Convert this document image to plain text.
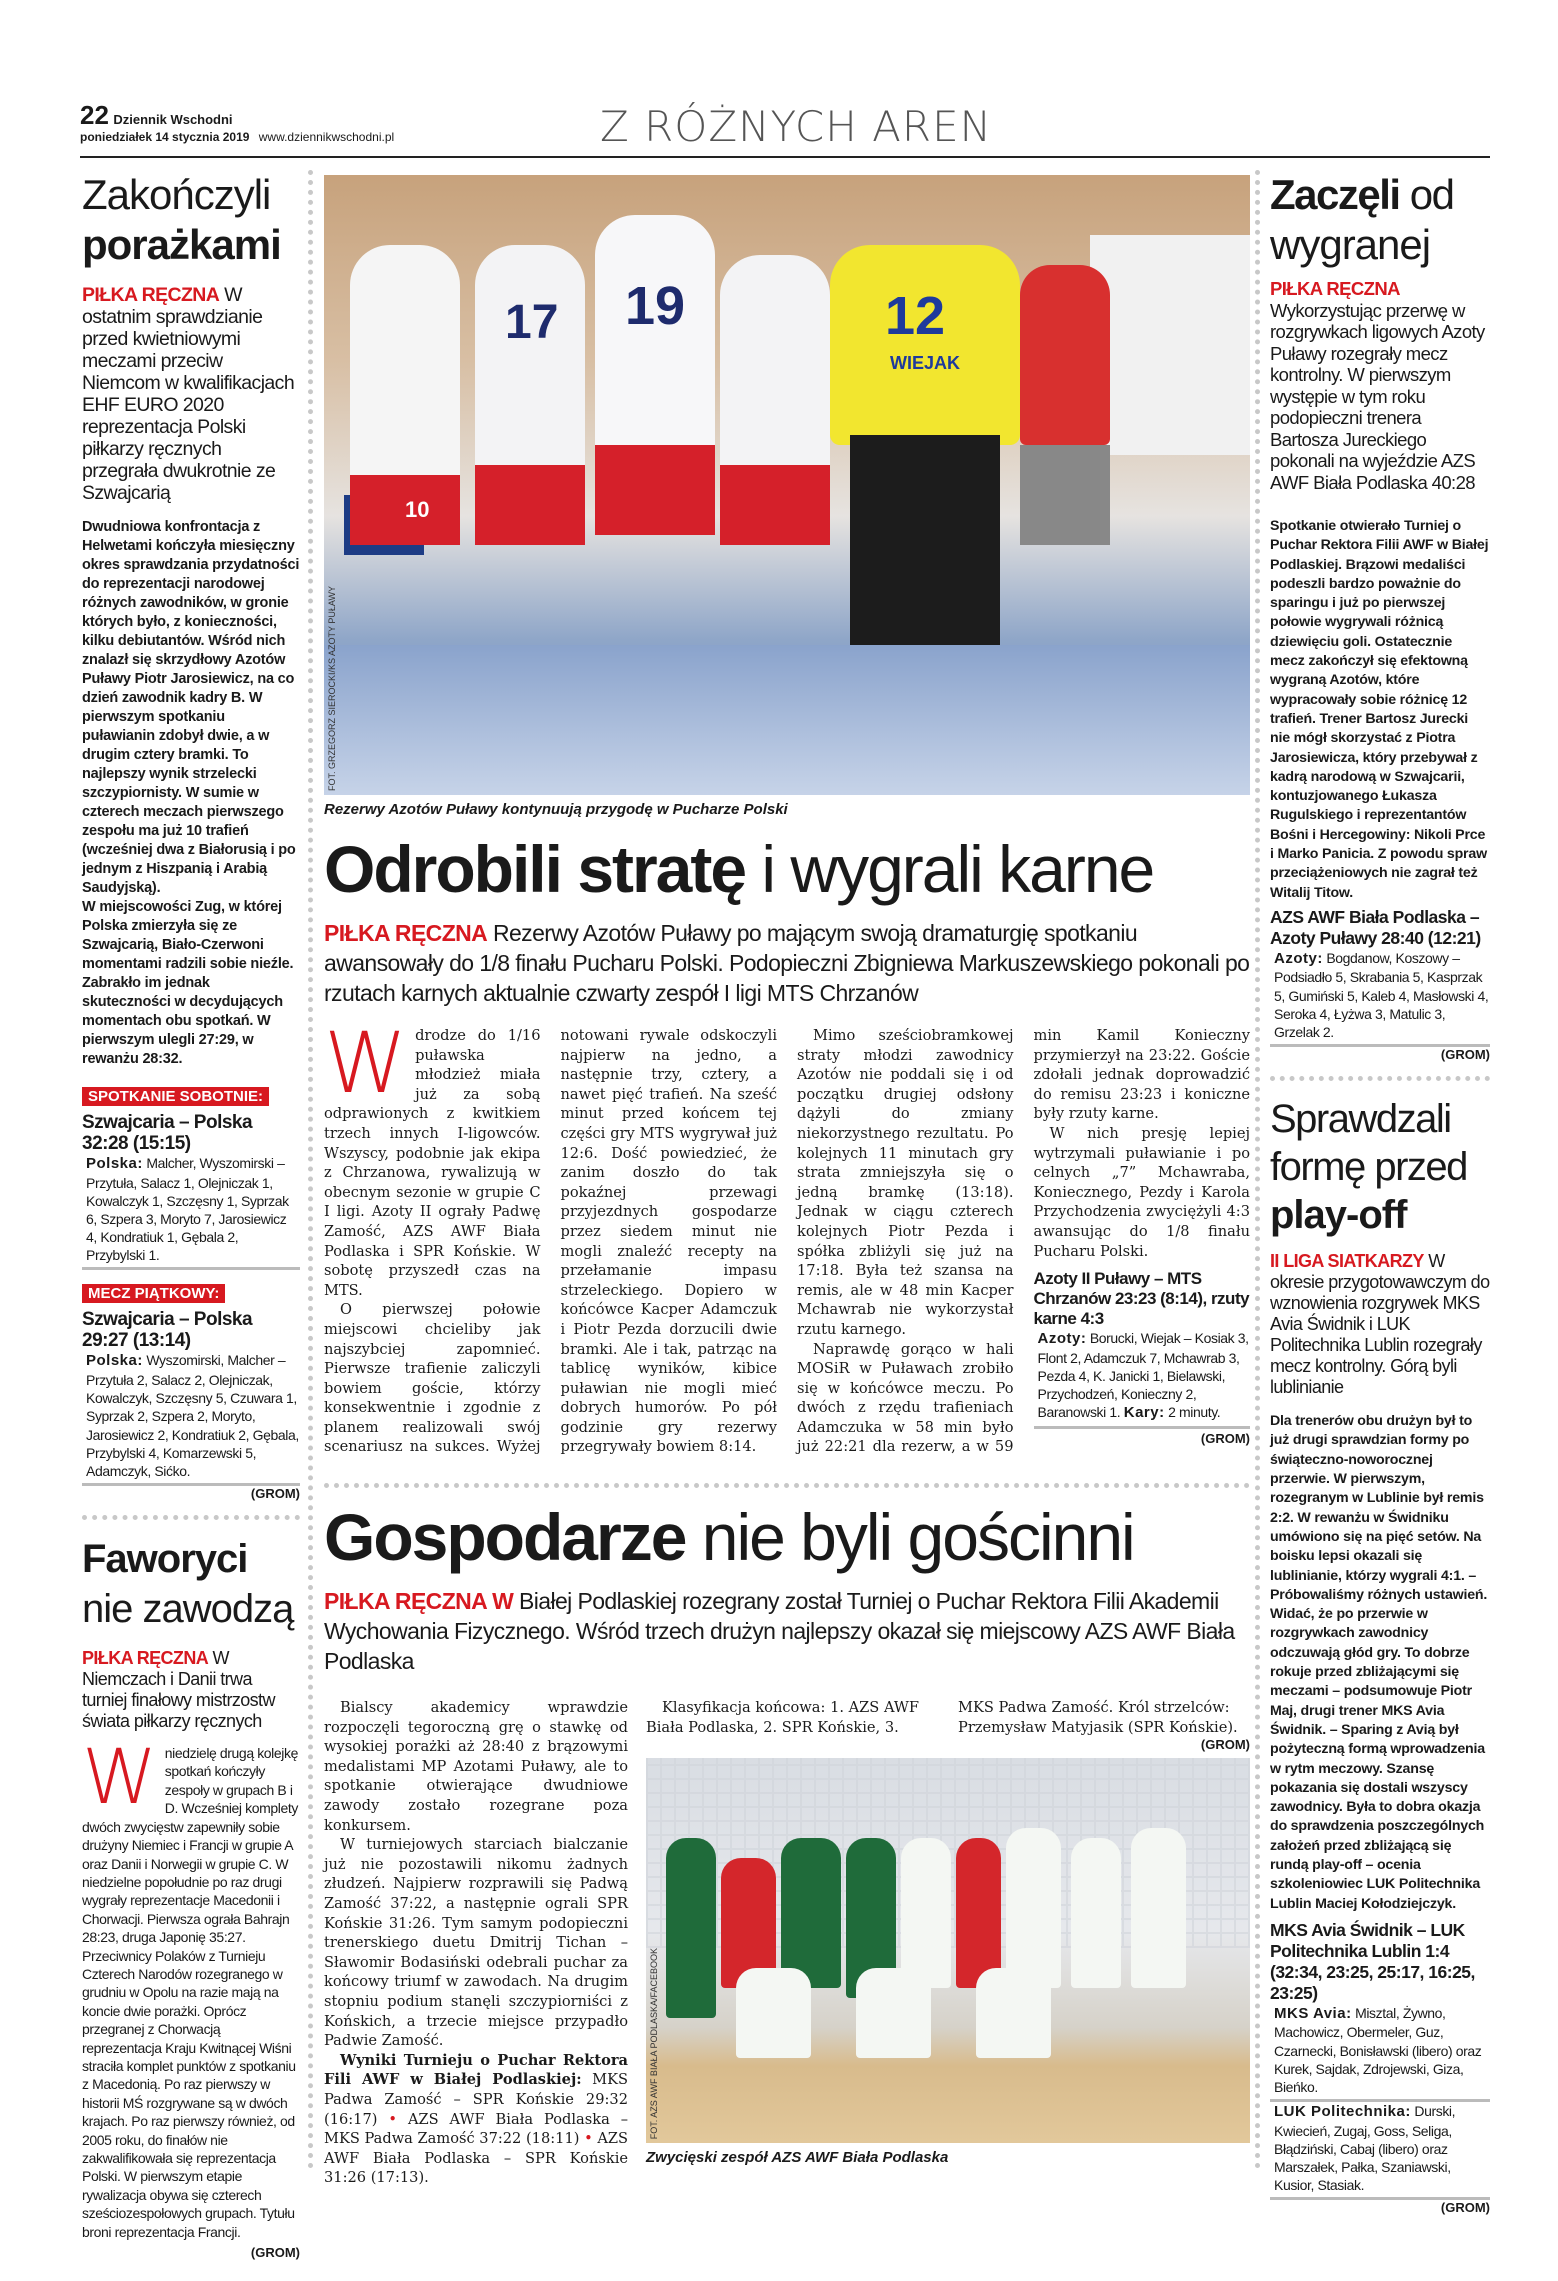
22 Dziennik Wschodni
poniedziałek 14 stycznia 2019 www.dziennikwschodni.pl	Z RÓŻNYCH AREN
Zakończyli
porażkami

PIŁKA RĘCZNA W ostatnim sprawdzianie przed kwietniowymi meczami przeciw Niemcom w kwalifikacjach EHF EURO 2020 reprezentacja Polski piłkarzy ręcznych przegrała dwukrotnie ze Szwajcarią

Dwudniowa konfrontacja z Helwetami kończyła miesięczny okres sprawdzania przydatności do reprezentacji narodowej różnych zawodników, w gronie których było, z konieczności, kilku debiutantów. Wśród nich znalazł się skrzydłowy Azotów Puławy Piotr Jarosiewicz, na co dzień zawodnik kadry B. W pierwszym spotkaniu puławianin zdobył dwie, a w drugim cztery bramki. To najlepszy wynik strzelecki szczypiornisty. W sumie w czterech meczach pierwszego zespołu ma już 10 trafień (wcześniej dwa z Białorusią i po jednym z Hiszpanią i Arabią Saudyjską).

W miejscowości Zug, w której Polska zmierzyła się ze Szwajcarią, Biało-Czerwoni momentami radzili sobie nieźle. Zabrakło im jednak skuteczności w decydujących momentach obu spotkań. W pierwszym ulegli 27:29, w rewanżu 28:32.

SPOTKANIE SOBOTNIE:
Szwajcaria – Polska 32:28 (15:15)

Polska: Malcher, Wyszomirski – Przytuła, Salacz 1, Olejniczak 1, Kowalczyk 1, Szczęsny 1, Syprzak 6, Szpera 3, Moryto 7, Jarosiewicz 4, Kondratiuk 1, Gębala 2, Przybylski 1.

MECZ PIĄTKOWY:
Szwajcaria – Polska 29:27 (13:14)

Polska: Wyszomirski, Malcher – Przytuła 2, Salacz 2, Olejniczak, Kowalczyk, Szczęsny 5, Czuwara 1, Syprzak 2, Szpera 2, Moryto, Jarosiewicz 2, Kondratiuk 2, Gębala, Przybylski 4, Komarzewski 5, Adamczyk, Sićko.

(GROM)
Faworyci
nie zawodzą

PIŁKA RĘCZNA W Niemczach i Danii trwa turniej finałowy mistrzostw świata piłkarzy ręcznych

Wniedzielę drugą kolejkę spotkań kończyły zespoły w grupach B i D. Wcześniej komplety dwóch zwycięstw zapewniły sobie drużyny Niemiec i Francji w grupie A oraz Danii i Norwegii w grupie C. W niedzielne popołudnie po raz drugi wygrały reprezentacje Macedonii i Chorwacji. Pierwsza ograła Bahrajn 28:23, druga Japonię 35:27. Przeciwnicy Polaków z Turnieju Czterech Narodów rozegranego w grudniu w Opolu na razie mają na koncie dwie porażki. Oprócz przegranej z Chorwacją reprezentacja Kraju Kwitnącej Wiśni straciła komplet punktów z spotkaniu z Macedonią. Po raz pierwszy w historii MŚ rozgrywane są w dwóch krajach. Po raz pierwszy również, od 2005 roku, do finałów nie zakwalifikowała się reprezentacja Polski. W pierwszym etapie rywalizacja obywa się czterech sześciozespołowych grupach. Tytułu broni reprezentacja Francji.

(GROM)
17 19	12
WIEJAK
10
FOT. GRZEGORZ SIEROCKI/KS AZOTY PUŁAWY
Rezerwy Azotów Puławy kontynuują przygodę w Pucharze Polski
Odrobili stratę i wygrali karne

PIŁKA RĘCZNA Rezerwy Azotów Puławy po mającym swoją dramaturgię spotkaniu awansowały do 1/8 finału Pucharu Polski. Podopieczni Zbigniewa Markuszewskiego pokonali po rzutach karnych aktualnie czwarty zespół I ligi MTS Chrzanów

Wdrodze do 1/16 puławska młodzież miała już za sobą odprawionych z kwitkiem trzech innych I-ligowców. Wszyscy, podobnie jak ekipa z Chrzanowa, rywalizują w obecnym sezonie w grupie C I ligi. Azoty II ograły Padwę Zamość, AZS AWF Biała Podlaska i SPR Końskie. W sobotę przyszedł czas na MTS.

O pierwszej połowie miejscowi chcieliby jak najszybciej zapomnieć. Pierwsze trafienie zaliczyli bowiem goście, którzy konsekwentnie i zgodnie z planem realizowali swój scenariusz na sukces. Wyżej notowani rywale odskoczyli najpierw na jedno, a następnie trzy, cztery, a nawet pięć trafień. Na sześć minut przed końcem tej części gry MTS wygrywał już 12:6. Dość powiedzieć, że zanim doszło do tak pokaźnej przewagi przyjezdnych gospodarze przez siedem minut nie mogli znaleźć recepty na przełamanie impasu strzeleckiego. Dopiero w końcówce Kacper Adamczuk i Piotr Pezda dorzucili dwie bramki. Ale i tak, patrząc na tablicę wyników, kibice puławian nie mogli mieć dobrych humorów. Po pół godzinie gry rezerwy przegrywały bowiem 8:14.

Mimo sześciobramkowej straty młodzi zawodnicy Azotów nie poddali się i od początku drugiej odsłony dążyli do zmiany niekorzystnego rezultatu. Po kolejnych 11 minutach gry strata zmniejszyła się o jedną bramkę (13:18). Jednak w ciągu czterech kolejnych Piotr Pezda i spółka zbliżyli się już na 17:18. Była też szansa na remis, ale w 48 min Kacper Mchawrab nie wykorzystał rzutu karnego.

Naprawdę gorąco w hali MOSiR w Puławach zrobiło się w końcówce meczu. Po dwóch z rzędu trafieniach Adamczuka w 58 min było już 22:21 dla rezerw, a w 59 min Kamil Konieczny przymierzył na 23:22. Goście zdołali jednak doprowadzić do remisu 23:23 i koniczne były rzuty karne.

W nich presję lepiej wytrzymali puławianie i po celnych „7” Mchawraba, Koniecznego, Pezdy i Karola Przychodzenia zwyciężyli 4:3 awansując do 1/8 finału Pucharu Polski.

Azoty II Puławy – MTS Chrzanów 23:23 (8:14), rzuty karne 4:3

Azoty: Borucki, Wiejak – Kosiak 3, Flont 2, Adamczuk 7, Mchawrab 3, Pezda 4, K. Janicki 1, Bielawski, Przychodzeń, Konieczny 2, Baranowski 1. Kary: 2 minuty.

(GROM)
Gospodarze nie byli gościnni

PIŁKA RĘCZNA W Białej Podlaskiej rozegrany został Turniej o Puchar Rektora Filii Akademii Wychowania Fizycznego. Wśród trzech drużyn najlepszy okazał się miejscowy AZS AWF Biała Podlaska

Bialscy akademicy wprawdzie rozpoczęli tegoroczną grę o stawkę od wysokiej porażki aż 28:40 z brązowymi medalistami MP Azotami Puławy, ale to spotkanie otwierające dwudniowe zawody zostało rozegrane poza konkursem.

W turniejowych starciach bialczanie już nie pozostawili nikomu żadnych złudzeń. Najpierw rozprawili się Padwą Zamość 37:22, a następnie ograli SPR Końskie 31:26. Tym samym podopieczni trenerskiego duetu Dmitrij Tichan – Sławomir Bodasiński odebrali puchar za końcowy triumf w zawodach. Na drugim stopniu podium stanęli szczypiorniści z Końskich, a trzecie miejsce przypadło Padwie Zamość.

Wyniki Turnieju o Puchar Rektora Fili AWF w Białej Podlaskiej: MKS Padwa Zamość – SPR Końskie 29:32 (16:17) • AZS AWF Biała Podlaska – MKS Padwa Zamość 37:22 (18:11) • AZS AWF Biała Podlaska – SPR Końskie 31:26 (17:13).

Klasyfikacja końcowa: 1. AZS AWF Biała Podlaska, 2. SPR Końskie, 3. MKS Padwa Zamość. Król strzelców: Przemysław Matyjasik (SPR Końskie).

(GROM)
FOT. AZS AWF BIAŁA PODLASKA/FACEBOOK
Zwycięski zespół AZS AWF Biała Podlaska
Zaczęli od
wygranej

PIŁKA RĘCZNA Wykorzystując przerwę w rozgrywkach ligowych Azoty Puławy rozegrały mecz kontrolny. W pierwszym występie w tym roku podopieczni trenera Bartosza Jureckiego pokonali na wyjeździe AZS AWF Biała Podlaska 40:28

Spotkanie otwierało Turniej o Puchar Rektora Filii AWF w Białej Podlaskiej. Brązowi medaliści podeszli bardzo poważnie do sparingu i już po pierwszej połowie wygrywali różnicą dziewięciu goli. Ostatecznie mecz zakończył się efektowną wygraną Azotów, które wypracowały sobie różnicę 12 trafień. Trener Bartosz Jurecki nie mógł skorzystać z Piotra Jarosiewicza, który przebywał z kadrą narodową w Szwajcarii, kontuzjowanego Łukasza Rugulskiego i reprezentantów Bośni i Hercegowiny: Nikoli Prce i Marko Panicia. Z powodu spraw przeciążeniowych nie zagrał też Witalij Titow.

AZS AWF Biała Podlaska – Azoty Puławy 28:40 (12:21)

Azoty: Bogdanow, Koszowy – Podsiadło 5, Skrabania 5, Kasprzak 5, Gumiński 5, Kaleb 4, Masłowski 4, Seroka 4, Łyżwa 3, Matulic 3, Grzelak 2.

(GROM)
Sprawdzali
formę przed
play-off

II LIGA SIATKARZY W okresie przygotowawczym do wznowienia rozgrywek MKS Avia Świdnik i LUK Politechnika Lublin rozegrały mecz kontrolny. Górą byli lublinianie

Dla trenerów obu drużyn był to już drugi sprawdzian formy po świąteczno-noworocznej przerwie. W pierwszym, rozegranym w Lublinie był remis 2:2. W rewanżu w Świdniku umówiono się na pięć setów. Na boisku lepsi okazali się lublinianie, którzy wygrali 4:1. – Próbowaliśmy różnych ustawień. Widać, że po przerwie w rozgrywkach zawodnicy odczuwają głód gry. To dobrze rokuje przed zbliżającymi się meczami – podsumowuje Piotr Maj, drugi trener MKS Avia Świdnik. – Sparing z Avią był pożyteczną formą wprowadzenia w rytm meczowy. Szansę pokazania się dostali wszyscy zawodnicy. Była to dobra okazja do sprawdzenia poszczególnych założeń przed zbliżającą się rundą play-off – ocenia szkoleniowiec LUK Politechnika Lublin Maciej Kołodziejczyk.

MKS Avia Świdnik – LUK Politechnika Lublin 1:4 (32:34, 23:25, 25:17, 16:25, 23:25)

MKS Avia: Misztal, Żywno, Machowicz, Obermeler, Guz, Czarnecki, Bonisławski (libero) oraz Kurek, Sajdak, Zdrojewski, Giza, Bieńko.

LUK Politechnika: Durski, Kwiecień, Zugaj, Goss, Seliga, Błądziński, Cabaj (libero) oraz Marszałek, Pałka, Szaniawski, Kusior, Stasiak.

(GROM)
